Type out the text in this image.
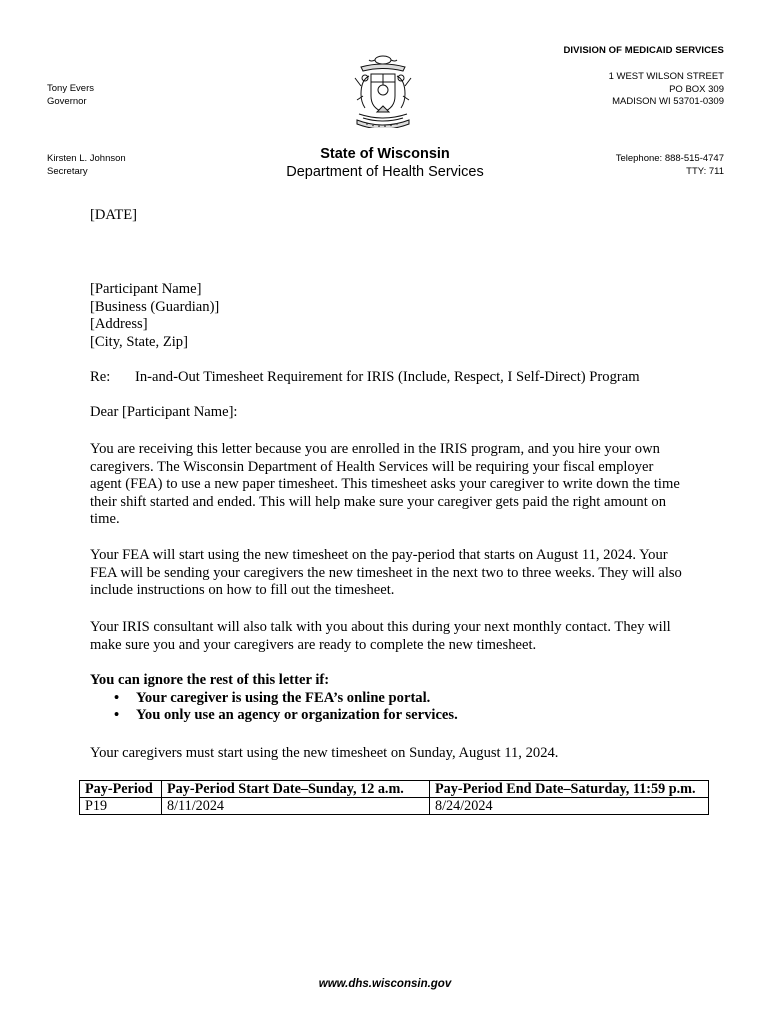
DIVISION OF MEDICAID SERVICES
1 WEST WILSON STREET
PO BOX 309
MADISON WI 53701-0309
Tony Evers
Governor
State of Wisconsin
Department of Health Services
Kirsten L. Johnson
Secretary
Telephone: 888-515-4747
TTY: 711
[DATE]
[Participant Name]
[Business (Guardian)]
[Address]
[City, State, Zip]
Re: In-and-Out Timesheet Requirement for IRIS (Include, Respect, I Self-Direct) Program
Dear [Participant Name]:
You are receiving this letter because you are enrolled in the IRIS program, and you hire your own caregivers. The Wisconsin Department of Health Services will be requiring your fiscal employer agent (FEA) to use a new paper timesheet. This timesheet asks your caregiver to write down the time their shift started and ended. This will help make sure your caregiver gets paid the right amount on time.
Your FEA will start using the new timesheet on the pay-period that starts on August 11, 2024. Your FEA will be sending your caregivers the new timesheet in the next two to three weeks. They will also include instructions on how to fill out the timesheet.
Your IRIS consultant will also talk with you about this during your next monthly contact. They will make sure you and your caregivers are ready to complete the new timesheet.
You can ignore the rest of this letter if:
• Your caregiver is using the FEA’s online portal.
• You only use an agency or organization for services.
Your caregivers must start using the new timesheet on Sunday, August 11, 2024.
Pay-Period	Pay-Period Start Date–Sunday, 12 a.m.	Pay-Period End Date–Saturday, 11:59 p.m.
P19	8/11/2024	8/24/2024
www.dhs.wisconsin.gov
